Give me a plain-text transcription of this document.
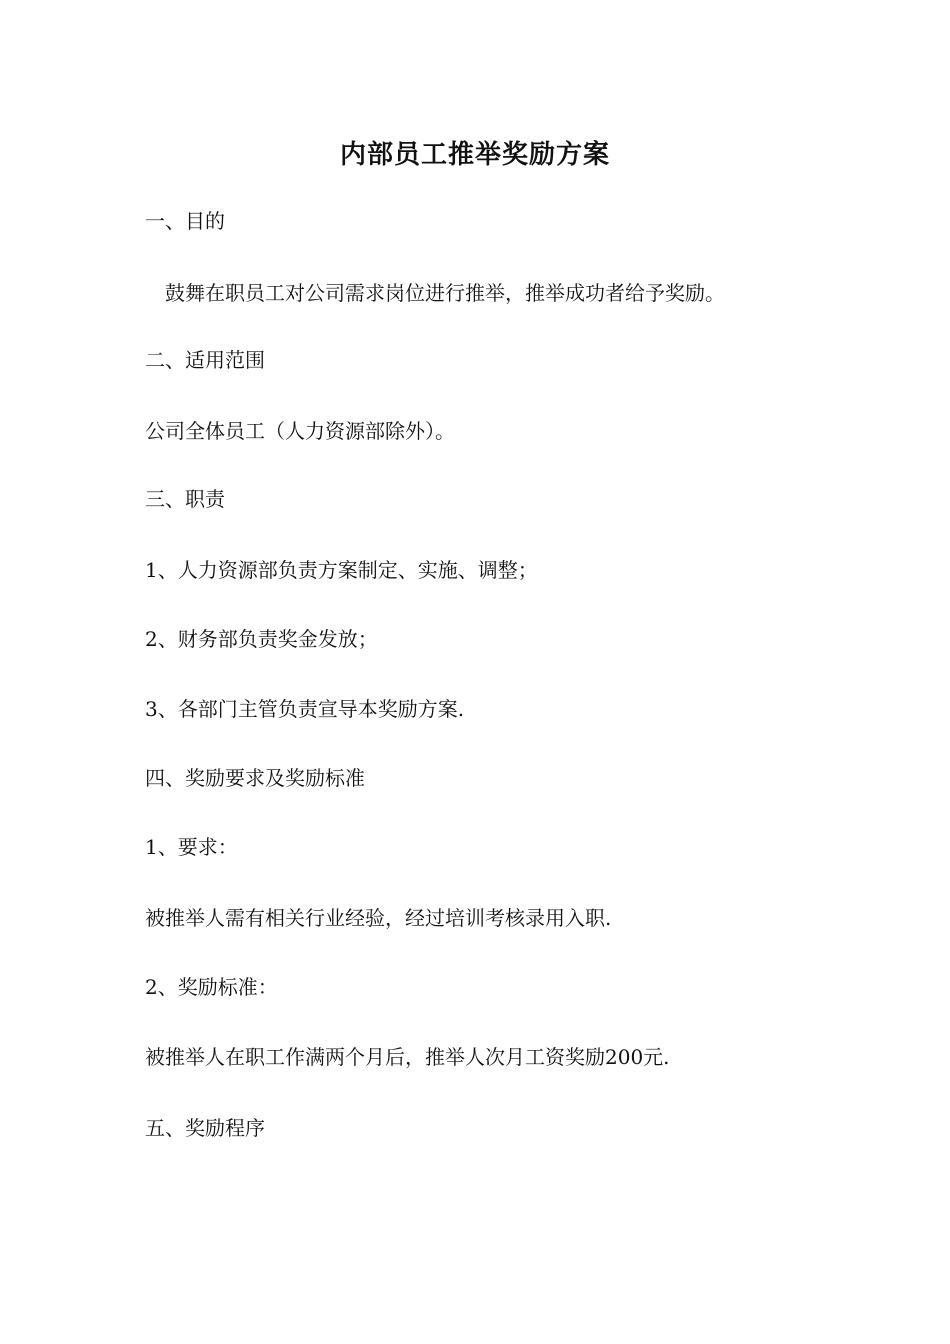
内部员工推举奖励方案
一、目的
鼓舞在职员工对公司需求岗位进行推举，推举成功者给予奖励。
二、适用范围
公司全体员工（人力资源部除外）。
三、职责
1、人力资源部负责方案制定、实施、调整；
2、财务部负责奖金发放；
3、各部门主管负责宣导本奖励方案.
四、奖励要求及奖励标准
1、要求：
被推举人需有相关行业经验，经过培训考核录用入职.
2、奖励标准：
被推举人在职工作满两个月后，推举人次月工资奖励200元.
五、奖励程序
